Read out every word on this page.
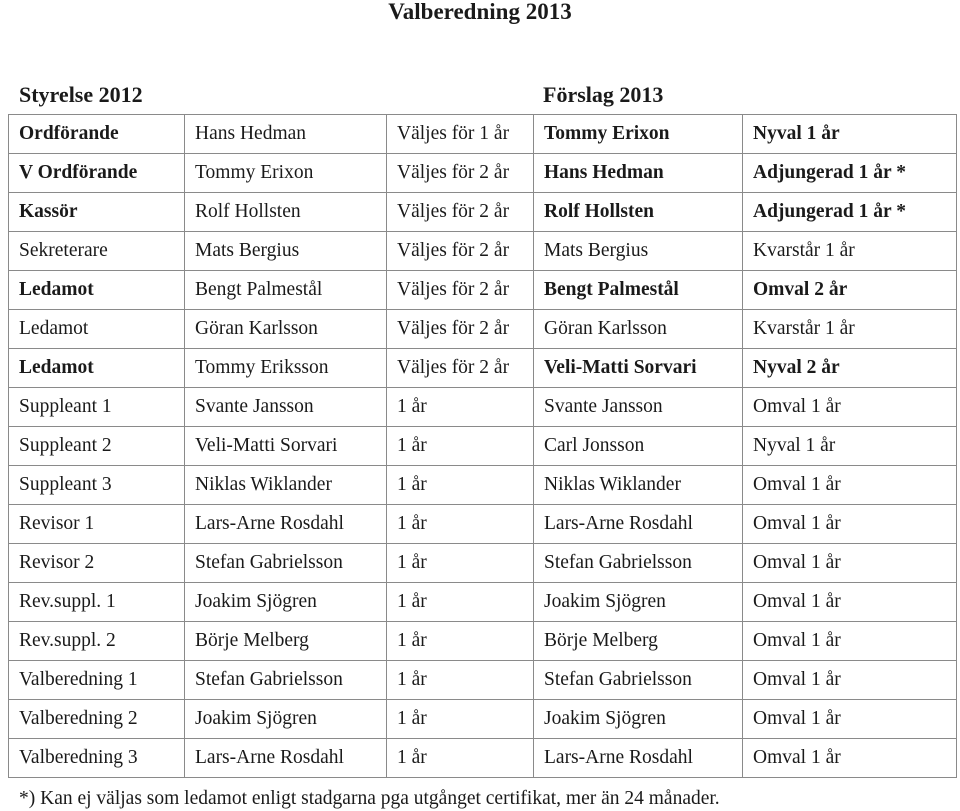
Valberedning 2013
Styrelse 2012	Förslag 2013
Ordförande	Hans Hedman	Väljes för 1 år	Tommy Erixon	Nyval 1 år
V Ordförande	Tommy Erixon	Väljes för 2 år	Hans Hedman	Adjungerad 1 år *
Kassör	Rolf Hollsten	Väljes för 2 år	Rolf Hollsten	Adjungerad 1 år *
Sekreterare	Mats Bergius	Väljes för 2 år	Mats Bergius	Kvarstår 1 år
Ledamot	Bengt Palmestål	Väljes för 2 år	Bengt Palmestål	Omval 2 år
Ledamot	Göran Karlsson	Väljes för 2 år	Göran Karlsson	Kvarstår 1 år
Ledamot	Tommy Eriksson	Väljes för 2 år	Veli-Matti Sorvari	Nyval 2 år
Suppleant 1	Svante Jansson	1 år	Svante Jansson	Omval 1 år
Suppleant 2	Veli-Matti Sorvari	1 år	Carl Jonsson	Nyval 1 år
Suppleant 3	Niklas Wiklander	1 år	Niklas Wiklander	Omval 1 år
Revisor 1	Lars-Arne Rosdahl	1 år	Lars-Arne Rosdahl	Omval 1 år
Revisor 2	Stefan Gabrielsson	1 år	Stefan Gabrielsson	Omval 1 år
Rev.suppl. 1	Joakim Sjögren	1 år	Joakim Sjögren	Omval 1 år
Rev.suppl. 2	Börje Melberg	1 år	Börje Melberg	Omval 1 år
Valberedning 1	Stefan Gabrielsson	1 år	Stefan Gabrielsson	Omval 1 år
Valberedning 2	Joakim Sjögren	1 år	Joakim Sjögren	Omval 1 år
Valberedning 3	Lars-Arne Rosdahl	1 år	Lars-Arne Rosdahl	Omval 1 år
*) Kan ej väljas som ledamot enligt stadgarna pga utgånget certifikat, mer än 24 månader.
